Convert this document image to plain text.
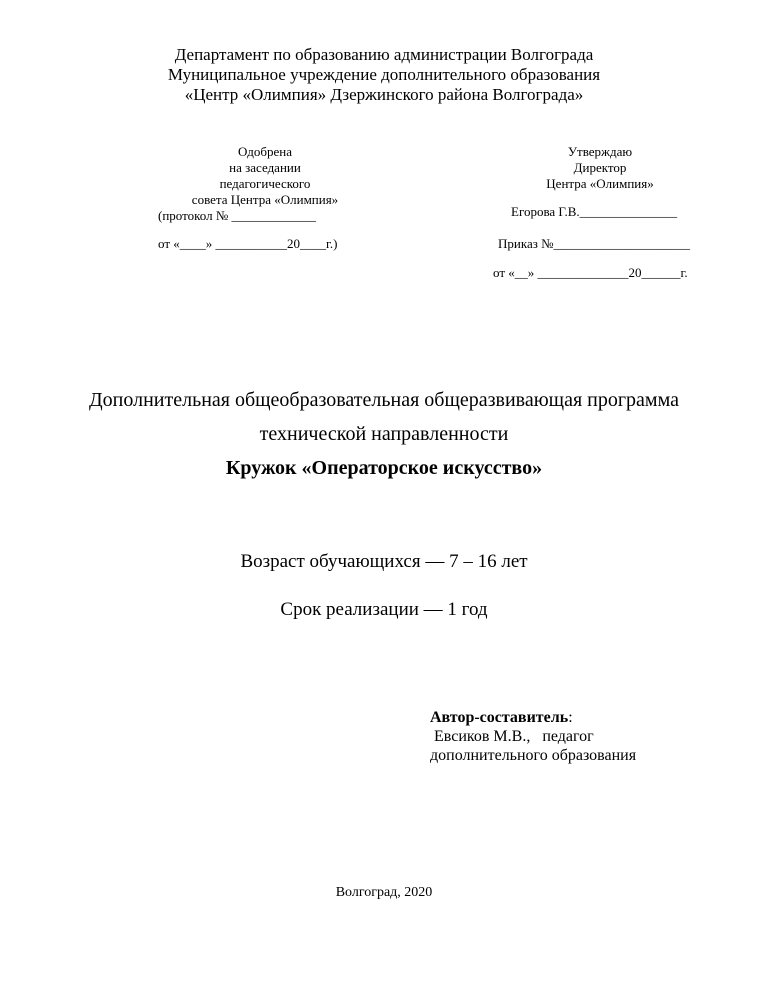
Департамент по образованию администрации Волгограда
Муниципальное учреждение дополнительного образования
«Центр «Олимпия» Дзержинского района Волгограда»
Одобрена
на заседании
педагогического
совета Центра «Олимпия»
(протокол № _____________
от «____» ___________20____г.)
Утверждаю
Директор
Центра «Олимпия»
Егорова Г.В._______________
Приказ №_____________________
от «__» ______________20______г.
Дополнительная общеобразовательная общеразвивающая программа
технической направленности
Кружок «Операторское искусство»
Возраст обучающихся — 7 – 16 лет
Срок реализации — 1 год
Автор-составитель:
Евсиков М.В.,   педагог
дополнительного образования
Волгоград, 2020
